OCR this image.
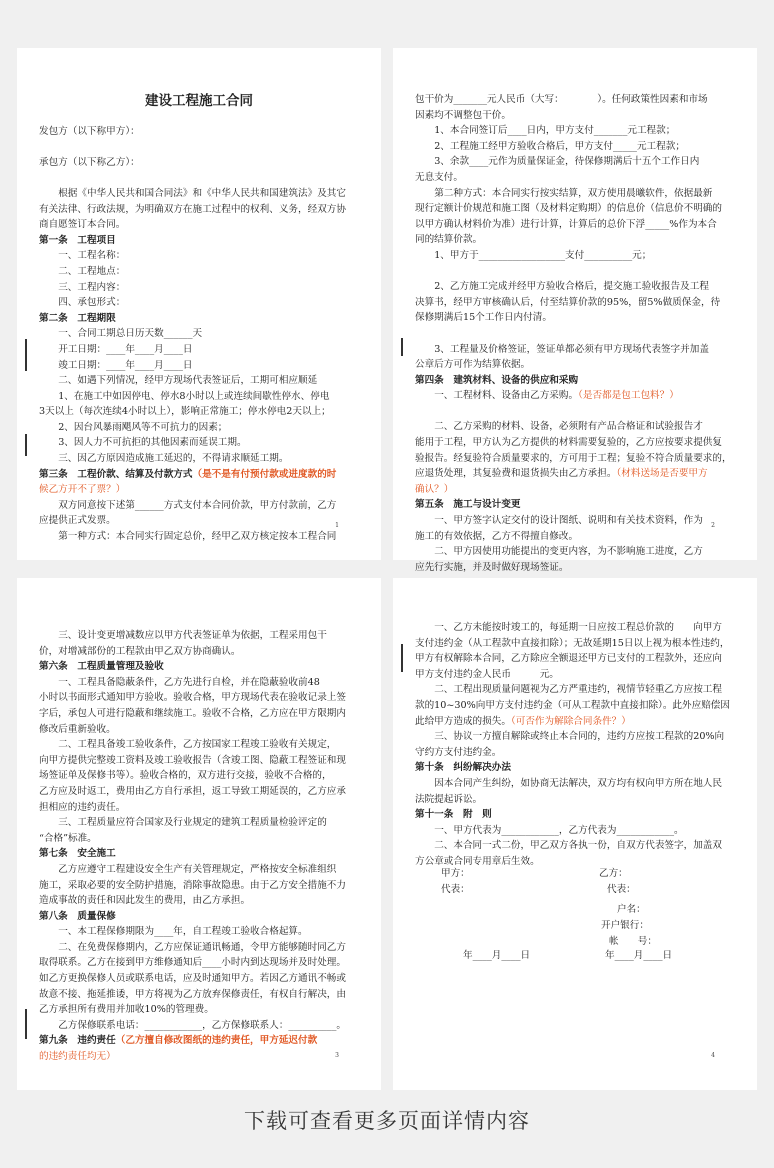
建设工程施工合同

发包方（以下称甲方）：

承包方（以下称乙方）：

根据《中华人民共和国合同法》和《中华人民共和国建筑法》及其它

有关法律、行政法规，为明确双方在施工过程中的权利、义务，经双方协

商自愿签订本合同。

第一条　工程项目

一、工程名称：

二、工程地点：

三、工程内容：

四、承包形式：

第二条　工程期限

一、合同工期总日历天数______天

开工日期：____年____月____日

竣工日期：____年____月____日

二、如遇下列情况，经甲方现场代表签证后，工期可相应顺延

1、在施工中如因停电、停水8小时以上或连续间歇性停水、停电

3天以上（每次连续4小时以上），影响正常施工；停水停电2天以上；

2、因台风暴雨飓风等不可抗力的因素；

3、因人力不可抗拒的其他因素而延误工期。

三、因乙方原因造成施工延迟的，不得请求顺延工期。

第三条　工程价款、结算及付款方式（是不是有付预付款或进度款的时

候乙方开不了票？）

双方同意按下述第______方式支付本合同价款，甲方付款前，乙方

应提供正式发票。

第一种方式：本合同实行固定总价，经甲乙双方核定按本工程合同

1

包干价为_______元人民币（大写：　　　　）。任何政策性因素和市场

因素均不调整包干价。

1、本合同签订后____日内，甲方支付_______元工程款；

2、工程施工经甲方验收合格后，甲方支付_____元工程款；

3、余款____元作为质量保证金，待保修期满后十五个工作日内

无息支付。

第二种方式：本合同实行按实结算，双方使用晨曦软件，依据最新

现行定额计价规范和施工图（及材料定购期）的信息价（信息价不明确的

以甲方确认材料价为准）进行计算，计算后的总价下浮_____%作为本合

同的结算价款。

1、甲方于__________________支付__________元；

2、乙方施工完成并经甲方验收合格后，提交施工验收报告及工程

决算书，经甲方审核确认后，付至结算价款的95%，留5%做质保金，待

保修期满后15个工作日内付清。

3、工程量及价格签证，签证单都必须有甲方现场代表签字并加盖

公章后方可作为结算依据。

第四条　建筑材料、设备的供应和采购

一、工程材料、设备由乙方采购。（是否都是包工包料？）

二、乙方采购的材料、设备，必须附有产品合格证和试验报告才

能用于工程，甲方认为乙方提供的材料需要复验的，乙方应按要求提供复

验报告。经复验符合质量要求的，方可用于工程；复验不符合质量要求的，

应退货处理，其复验费和退货损失由乙方承担。（材料送场是否要甲方

确认？）

第五条　施工与设计变更

一、甲方签字认定交付的设计图纸、说明和有关技术资料，作为

施工的有效依据，乙方不得擅自修改。

二、甲方因使用功能提出的变更内容，为不影响施工进度，乙方

应先行实施，并及时做好现场签证。

2

三、设计变更增减数应以甲方代表签证单为依据，工程采用包干

价，对增减部份的工程款由甲乙双方协商确认。

第六条　工程质量管理及验收

一、工程具备隐蔽条件，乙方先进行自检，并在隐蔽验收前48

小时以书面形式通知甲方验收。验收合格，甲方现场代表在验收记录上签

字后，承包人可进行隐蔽和继续施工。验收不合格，乙方应在甲方限期内

修改后重新验收。

二、工程具备竣工验收条件，乙方按国家工程竣工验收有关规定，

向甲方提供完整竣工资料及竣工验收报告（含竣工图、隐蔽工程签证和现

场签证单及保修书等）。验收合格的，双方进行交接，验收不合格的，

乙方应及时返工，费用由乙方自行承担，返工导致工期延误的，乙方应承

担相应的违约责任。

三、工程质量应符合国家及行业规定的建筑工程质量检验评定的

“合格”标准。

第七条　安全施工

乙方应遵守工程建设安全生产有关管理规定，严格按安全标准组织

施工，采取必要的安全防护措施，消除事故隐患。由于乙方安全措施不力

造成事故的责任和因此发生的费用，由乙方承担。

第八条　质量保修

一、本工程保修期限为____年，自工程竣工验收合格起算。

二、在免费保修期内，乙方应保证通讯畅通，令甲方能够随时同乙方

取得联系。乙方在接到甲方维修通知后____小时内到达现场并及时处理。

如乙方更换保修人员或联系电话，应及时通知甲方。若因乙方通讯不畅或

故意不接、拖延推诿，甲方将视为乙方放弃保修责任，有权自行解决，由

乙方承担所有费用并加收10%的管理费。

乙方保修联系电话：____________，乙方保修联系人：__________。

第九条　违约责任（乙方擅自修改图纸的违约责任，甲方延迟付款

的违约责任均无）	3

一、乙方未能按时竣工的，每延期一日应按工程总价款的　　向甲方

支付违约金（从工程款中直接扣除）；无故延期15日以上视为根本性违约，

甲方有权解除本合同，乙方除应全额退还甲方已支付的工程款外，还应向

甲方支付违约金人民币　　　元。

二、工程出现质量问题视为乙方严重违约，视情节轻重乙方应按工程

款的10~30%向甲方支付违约金（可从工程款中直接扣除）。此外应赔偿因

此给甲方造成的损失。（可否作为解除合同条件？）

三、协议一方擅自解除或终止本合同的，违约方应按工程款的20%向

守约方支付违约金。

第十条　纠纷解决办法

因本合同产生纠纷，如协商无法解决，双方均有权向甲方所在地人民

法院提起诉讼。

第十一条　附　则

一、甲方代表为____________，乙方代表为____________。

二、本合同一式二份，甲乙双方各执一份，自双方代表签字，加盖双

方公章或合同专用章后生效。

甲方：	乙方：
代表：	代表：
户名：
开户银行：
帐　　号：
年____月____日	年____月____日
4
下载可查看更多页面详情内容
